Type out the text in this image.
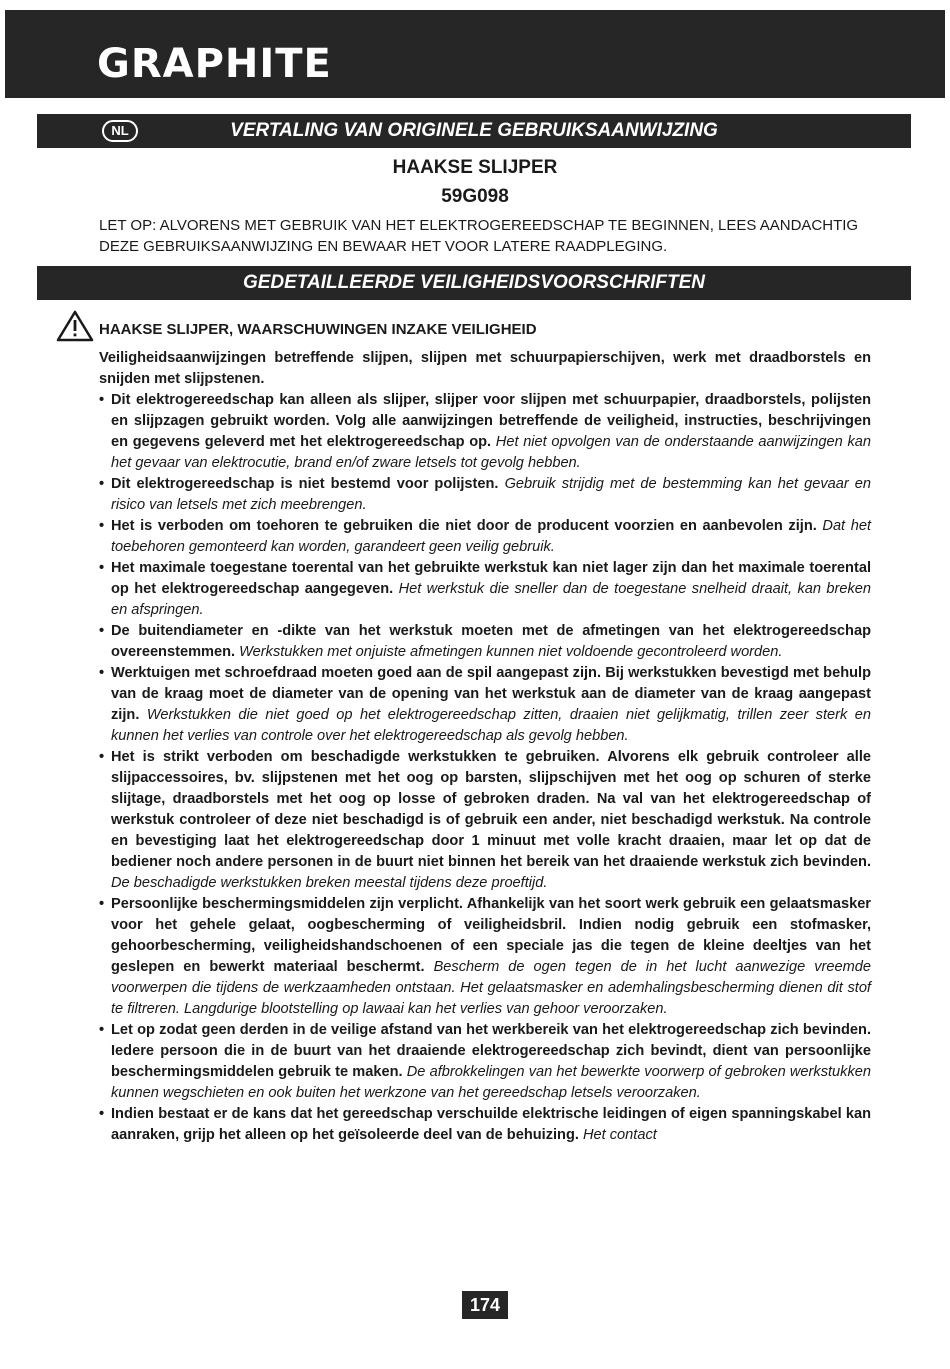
GRAPHITE
VERTALING VAN ORIGINELE GEBRUIKSAANWIJZING
NL
HAAKSE SLIJPER
59G098
LET OP: ALVORENS MET GEBRUIK VAN HET ELEKTROGEREEDSCHAP TE BEGINNEN, LEES AANDACHTIG DEZE GEBRUIKSAANWIJZING EN BEWAAR HET VOOR LATERE RAADPLEGING.
GEDETAILLEERDE VEILIGHEIDSVOORSCHRIFTEN
HAAKSE SLIJPER, WAARSCHUWINGEN INZAKE VEILIGHEID

Veiligheidsaanwijzingen betreffende slijpen, slijpen met schuurpapierschijven, werk met draadborstels en snijden met slijpstenen.

• Dit elektrogereedschap kan alleen als slijper, slijper voor slijpen met schuurpapier, draadborstels, polijsten en slijpzagen gebruikt worden. Volg alle aanwijzingen betreffende de veiligheid, instructies, beschrijvingen en gegevens geleverd met het elektrogereedschap op. Het niet opvolgen van de onderstaande aanwijzingen kan het gevaar van elektrocutie, brand en/of zware letsels tot gevolg hebben.
• Dit elektrogereedschap is niet bestemd voor polijsten. Gebruik strijdig met de bestemming kan het gevaar en risico van letsels met zich meebrengen.
• Het is verboden om toehoren te gebruiken die niet door de producent voorzien en aanbevolen zijn. Dat het toebehoren gemonteerd kan worden, garandeert geen veilig gebruik.
• Het maximale toegestane toerental van het gebruikte werkstuk kan niet lager zijn dan het maximale toerental op het elektrogereedschap aangegeven. Het werkstuk die sneller dan de toegestane snelheid draait, kan breken en afspringen.
• De buitendiameter en -dikte van het werkstuk moeten met de afmetingen van het elektrogereedschap overeenstemmen. Werkstukken met onjuiste afmetingen kunnen niet voldoende gecontroleerd worden.
• Werktuigen met schroefdraad moeten goed aan de spil aangepast zijn. Bij werkstukken bevestigd met behulp van de kraag moet de diameter van de opening van het werkstuk aan de diameter van de kraag aangepast zijn. Werkstukken die niet goed op het elektrogereedschap zitten, draaien niet gelijkmatig, trillen zeer sterk en kunnen het verlies van controle over het elektrogereedschap als gevolg hebben.
• Het is strikt verboden om beschadigde werkstukken te gebruiken. Alvorens elk gebruik controleer alle slijpaccessoires, bv. slijpstenen met het oog op barsten, slijpschijven met het oog op schuren of sterke slijtage, draadborstels met het oog op losse of gebroken draden. Na val van het elektrogereedschap of werkstuk controleer of deze niet beschadigd is of gebruik een ander, niet beschadigd werkstuk. Na controle en bevestiging laat het elektrogereedschap door 1 minuut met volle kracht draaien, maar let op dat de bediener noch andere personen in de buurt niet binnen het bereik van het draaiende werkstuk zich bevinden. De beschadigde werkstukken breken meestal tijdens deze proeftijd.
• Persoonlijke beschermingsmiddelen zijn verplicht. Afhankelijk van het soort werk gebruik een gelaatsmasker voor het gehele gelaat, oogbescherming of veiligheidsbril. Indien nodig gebruik een stofmasker, gehoorbescherming, veiligheidshandschoenen of een speciale jas die tegen de kleine deeltjes van het geslepen en bewerkt materiaal beschermt. Bescherm de ogen tegen de in het lucht aanwezige vreemde voorwerpen die tijdens de werkzaamheden ontstaan. Het gelaatsmasker en ademhalingsbescherming dienen dit stof te filtreren. Langdurige blootstelling op lawaai kan het verlies van gehoor veroorzaken.
• Let op zodat geen derden in de veilige afstand van het werkbereik van het elektrogereedschap zich bevinden. Iedere persoon die in de buurt van het draaiende elektrogereedschap zich bevindt, dient van persoonlijke beschermingsmiddelen gebruik te maken. De afbrokkelingen van het bewerkte voorwerp of gebroken werkstukken kunnen wegschieten en ook buiten het werkzone van het gereedschap letsels veroorzaken.
• Indien bestaat er de kans dat het gereedschap verschuilde elektrische leidingen of eigen spanningskabel kan aanraken, grijp het alleen op het geïsoleerde deel van de behuizing. Het contact
174
